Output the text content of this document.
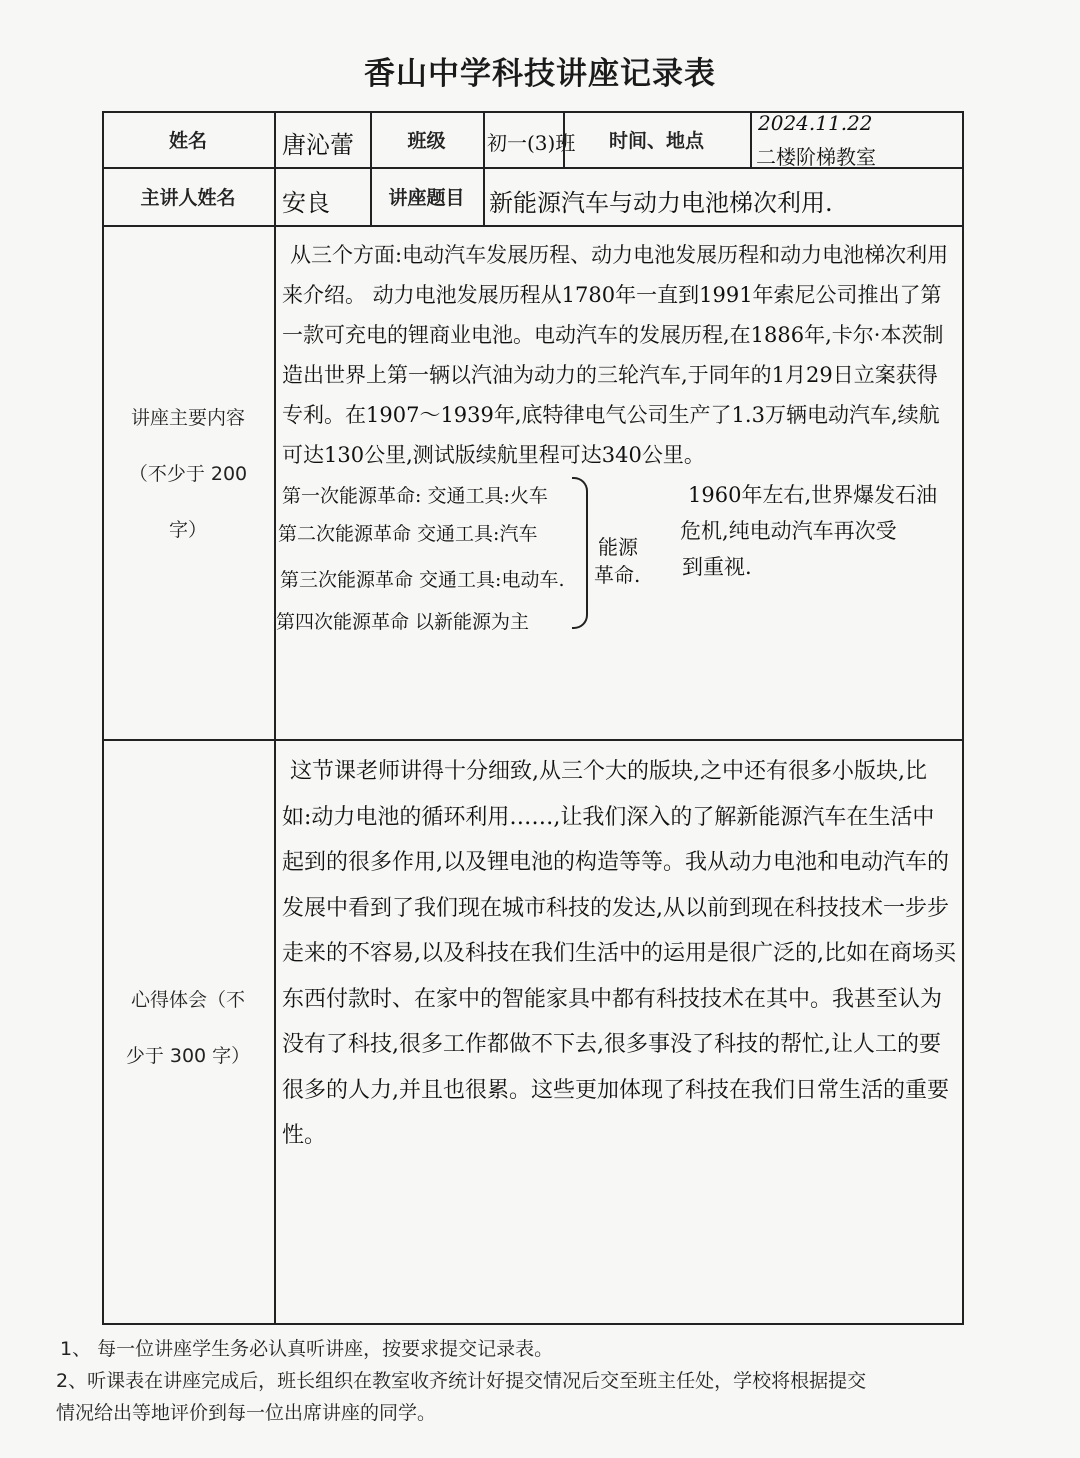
香山中学科技讲座记录表
姓名	唐沁蕾	班级	初一(3)班	时间、地点
2024.11.22
二楼阶梯教室
主讲人姓名	安良	讲座题目	新能源汽车与动力电池梯次利用.
讲座主要内容
（不少于 200
字）
从三个方面:电动汽车发展历程、动力电池发展历程和动力电池梯次利用来介绍。 动力电池发展历程从1780年一直到1991年索尼公司推出了第一款可充电的锂商业电池。电动汽车的发展历程,在1886年,卡尔·本茨制造出世界上第一辆以汽油为动力的三轮汽车,于同年的1月29日立案获得专利。在1907～1939年,底特律电气公司生产了1.3万辆电动汽车,续航可达130公里,测试版续航里程可达340公里。
第一次能源革命: 交通工具:火车
第二次能源革命 交通工具:汽车
第三次能源革命 交通工具:电动车.
第四次能源革命 以新能源为主
能源
革命.
1960年左右,世界爆发石油
危机,纯电动汽车再次受
到重视.
心得体会（不
少于 300 字）
这节课老师讲得十分细致,从三个大的版块,之中还有很多小版块,比如:动力电池的循环利用……,让我们深入的了解新能源汽车在生活中起到的很多作用,以及锂电池的构造等等。我从动力电池和电动汽车的发展中看到了我们现在城市科技的发达,从以前到现在科技技术一步步走来的不容易,以及科技在我们生活中的运用是很广泛的,比如在商场买东西付款时、在家中的智能家具中都有科技技术在其中。我甚至认为没有了科技,很多工作都做不下去,很多事没了科技的帮忙,让人工的要很多的人力,并且也很累。这些更加体现了科技在我们日常生活的重要性。
1、 每一位讲座学生务必认真听讲座，按要求提交记录表。
2、听课表在讲座完成后，班长组织在教室收齐统计好提交情况后交至班主任处，学校将根据提交
情况给出等地评价到每一位出席讲座的同学。
